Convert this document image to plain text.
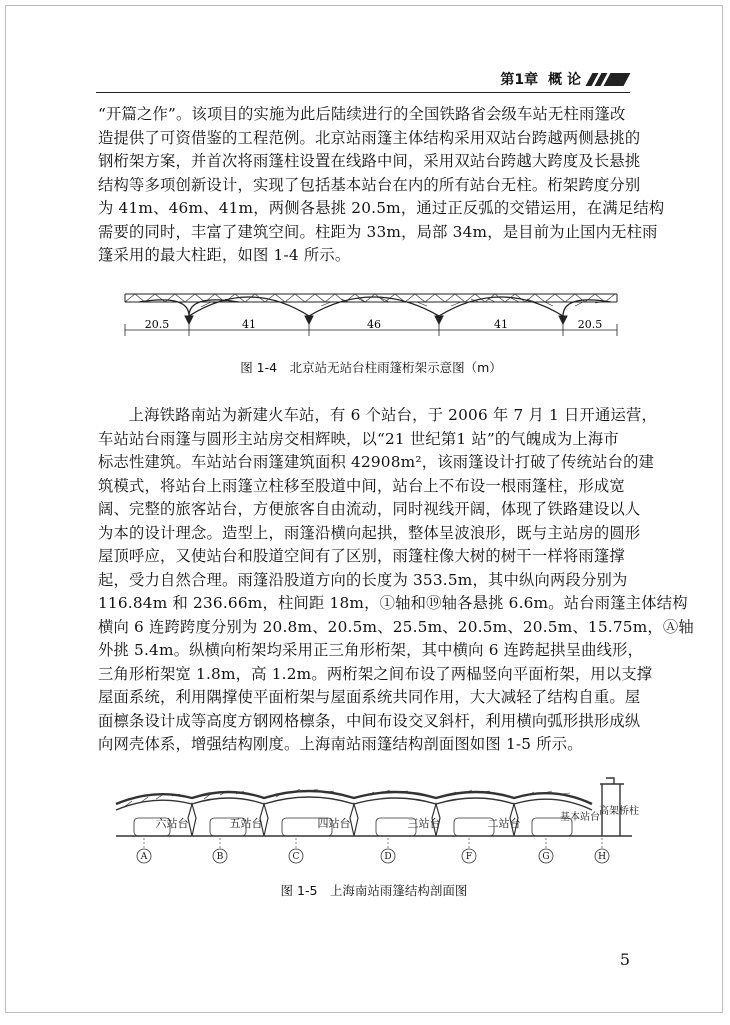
第1章 概 论

“开篇之作”。该项目的实施为此后陆续进行的全国铁路省会级车站无柱雨篷改
造提供了可资借鉴的工程范例。北京站雨篷主体结构采用双站台跨越两侧悬挑的
钢桁架方案，并首次将雨篷柱设置在线路中间，采用双站台跨越大跨度及长悬挑
结构等多项创新设计，实现了包括基本站台在内的所有站台无柱。桁架跨度分别
为 41m、46m、41m，两侧各悬挑 20.5m，通过正反弧的交错运用，在满足结构
需要的同时，丰富了建筑空间。柱距为 33m，局部 34m，是目前为止国内无柱雨
篷采用的最大柱距，如图 1-4 所示。

20.5	41	46	41	20.5
图 1-4　北京站无站台柱雨篷桁架示意图（m）

上海铁路南站为新建火车站，有 6 个站台，于 2006 年 7 月 1 日开通运营，
车站站台雨篷与圆形主站房交相辉映，以“21 世纪第1 站”的气魄成为上海市
标志性建筑。车站站台雨篷建筑面积 42908m²，该雨篷设计打破了传统站台的建
筑模式，将站台上雨篷立柱移至股道中间，站台上不布设一根雨篷柱，形成宽
阔、完整的旅客站台，方便旅客自由流动，同时视线开阔，体现了铁路建设以人
为本的设计理念。造型上，雨篷沿横向起拱，整体呈波浪形，既与主站房的圆形
屋顶呼应，又使站台和股道空间有了区别，雨篷柱像大树的树干一样将雨篷撑
起，受力自然合理。雨篷沿股道方向的长度为 353.5m，其中纵向两段分别为
116.84m 和 236.66m，柱间距 18m，①轴和⑲轴各悬挑 6.6m。站台雨篷主体结构
横向 6 连跨跨度分别为 20.8m、20.5m、25.5m、20.5m、20.5m、15.75m，Ⓐ轴
外挑 5.4m。纵横向桁架均采用正三角形桁架，其中横向 6 连跨起拱呈曲线形，
三角形桁架宽 1.8m，高 1.2m。两桁架之间布设了两榀竖向平面桁架，用以支撑
屋面系统，利用隅撑使平面桁架与屋面系统共同作用，大大减轻了结构自重。屋
面檩条设计成等高度方钢网格檩条，中间布设交叉斜杆，利用横向弧形拱形成纵
向网壳体系，增强结构刚度。上海南站雨篷结构剖面图如图 1-5 所示。

六站台	五站台	四站台	三站台	二站台	基本站台
高架桥柱
A	B	C	D	F	G	H
图 1-5　上海南站雨篷结构剖面图
5
